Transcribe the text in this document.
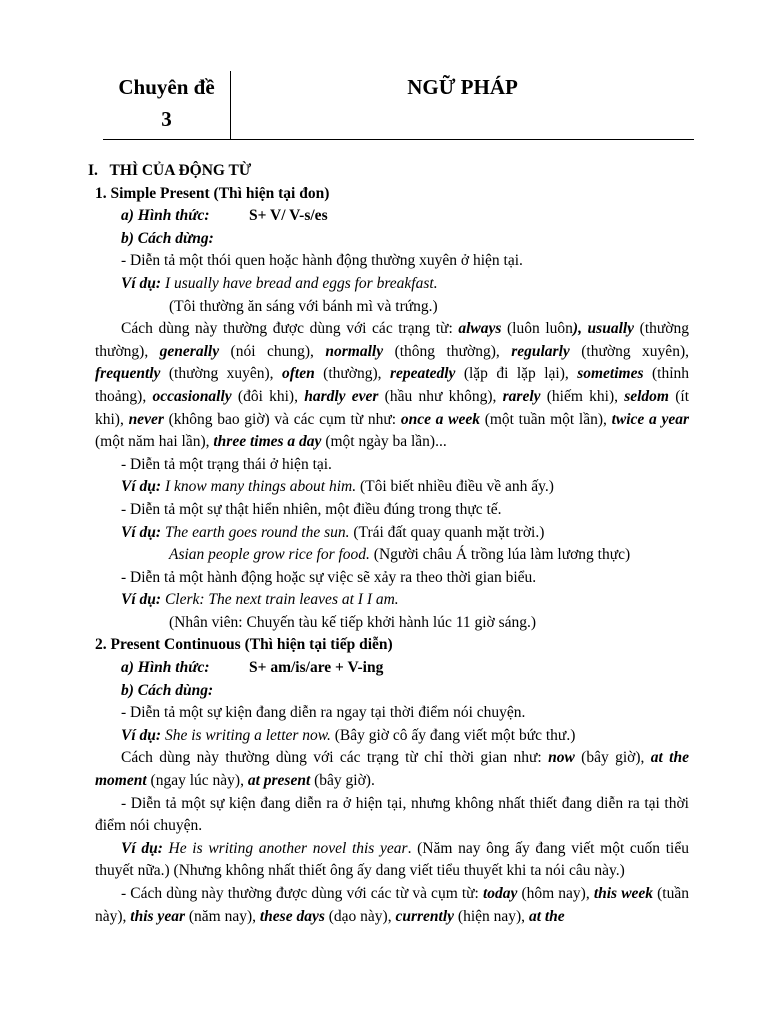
Chuyên đề
3
NGỮ PHÁP

I. THÌ CỦA ĐỘNG TỪ

1. Simple Present (Thì hiện tại đon)

a) Hình thức:	S+ V/ V-s/es

b) Cách dừng:

- Diễn tả một thói quen hoặc hành động thường xuyên ở hiện tại.

Ví dụ: I usually have bread and eggs for breakfast.

(Tôi thường ăn sáng với bánh mì và trứng.)

Cách dùng này thường được dùng với các trạng từ: always (luôn luôn), usually (thường thường), generally (nói chung), normally (thông thường), regularly (thường xuyên), frequently (thường xuyên), often (thường), repeatedly (lặp đi lặp lại), sometimes (thỉnh thoảng), occasionally (đôi khi), hardly ever (hầu như không), rarely (hiếm khi), seldom (ít khi), never (không bao giờ) và các cụm từ như: once a week (một tuần một lần), twice a year (một năm hai lần), three times a day (một ngày ba lần)...

- Diễn tả một trạng thái ở hiện tại.

Ví dụ: I know many things about him. (Tôi biết nhiều điều về anh ấy.)

- Diễn tả một sự thật hiển nhiên, một điều đúng trong thực tế.

Ví dụ: The earth goes round the sun. (Trái đất quay quanh mặt trời.)

Asian people grow rice for food. (Người châu Á trồng lúa làm lương thực)

- Diễn tả một hành động hoặc sự việc sẽ xảy ra theo thời gian biểu.

Ví dụ: Clerk: The next train leaves at I I am.

(Nhân viên: Chuyến tàu kế tiếp khởi hành lúc 11 giờ sáng.)

2. Present Continuous (Thì hiện tại tiếp diễn)

a) Hình thức:	S+ am/is/are + V-ing

b) Cách dùng:

- Diễn tả một sự kiện đang diễn ra ngay tại thời điểm nói chuyện.

Ví dụ: She is writing a letter now. (Bây giờ cô ấy đang viết một bức thư.)

Cách dùng này thường dùng với các trạng từ chỉ thời gian như: now (bây giờ), at the moment (ngay lúc này), at present (bây giờ).

- Diễn tả một sự kiện đang diễn ra ở hiện tại, nhưng không nhất thiết đang diễn ra tại thời điểm nói chuyện.

Ví dụ: He is writing another novel this year. (Năm nay ông ấy đang viết một cuốn tiểu thuyết nữa.) (Nhưng không nhất thiết ông ấy dang viết tiểu thuyết khi ta nói câu này.)

- Cách dùng này thường được dùng với các từ và cụm từ: today (hôm nay), this week (tuần này), this year (năm nay), these days (dạo này), currently (hiện nay), at the
